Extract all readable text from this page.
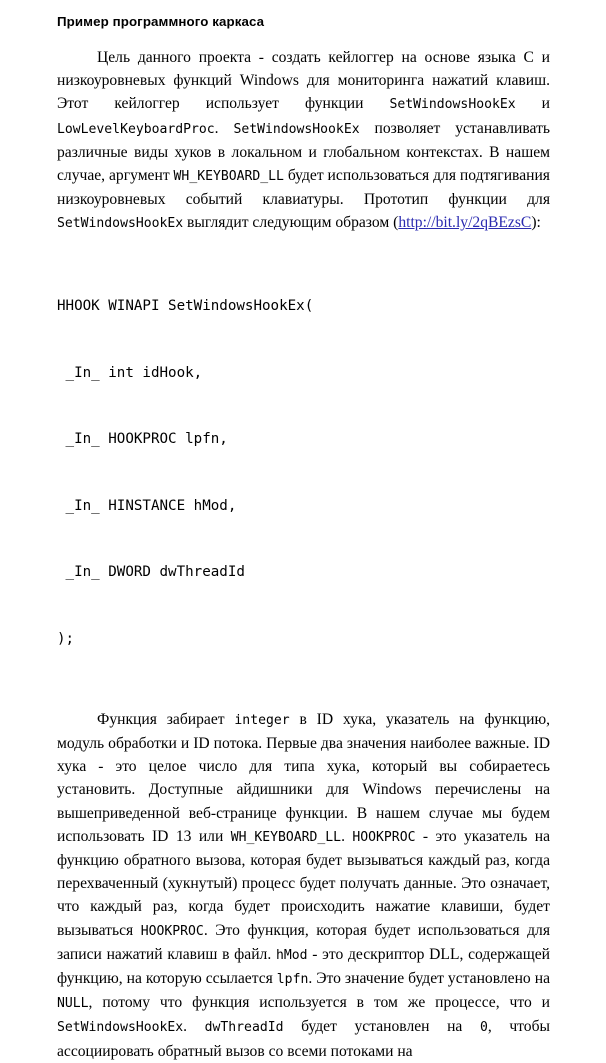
Пример программного каркаса

Цель данного проекта - создать кейлоггер на основе языка C и низкоуровневых функций Windows для мониторинга нажатий клавиш. Этот кейлоггер использует функции SetWindowsHookEx и LowLevelKeyboardProc. SetWindowsHookEx позволяет устанавливать различные виды хуков в локальном и глобальном контекстах. В нашем случае, аргумент WH_KEYBOARD_LL будет использоваться для подтягивания низкоуровневых событий клавиатуры. Прототип функции для SetWindowsHookEx выглядит следующим образом (http://bit.ly/2qBEzsC):

HHOOK WINAPI SetWindowsHookEx(

_In_ int idHook,

_In_ HOOKPROC lpfn,

_In_ HINSTANCE hMod,

_In_ DWORD dwThreadId

);

Функция забирает integer в ID хука, указатель на функцию, модуль обработки и ID потока. Первые два значения наиболее важные. ID хука - это целое число для типа хука, который вы собираетесь установить. Доступные айдишники для Windows перечислены на вышеприведенной веб-странице функции. В нашем случае мы будем использовать ID 13 или WH_KEYBOARD_LL. HOOKPROC - это указатель на функцию обратного вызова, которая будет вызываться каждый раз, когда перехваченный (хукнутый) процесс будет получать данные. Это означает, что каждый раз, когда будет происходить нажатие клавиши, будет вызываться HOOKPROC. Это функция, которая будет использоваться для записи нажатий клавиш в файл. hMod - это дескриптор DLL, содержащей функцию, на которую ссылается lpfn. Это значение будет установлено на NULL, потому что функция используется в том же процессе, что и SetWindowsHookEx. dwThreadId будет установлен на 0, чтобы ассоциировать обратный вызов со всеми потоками на
